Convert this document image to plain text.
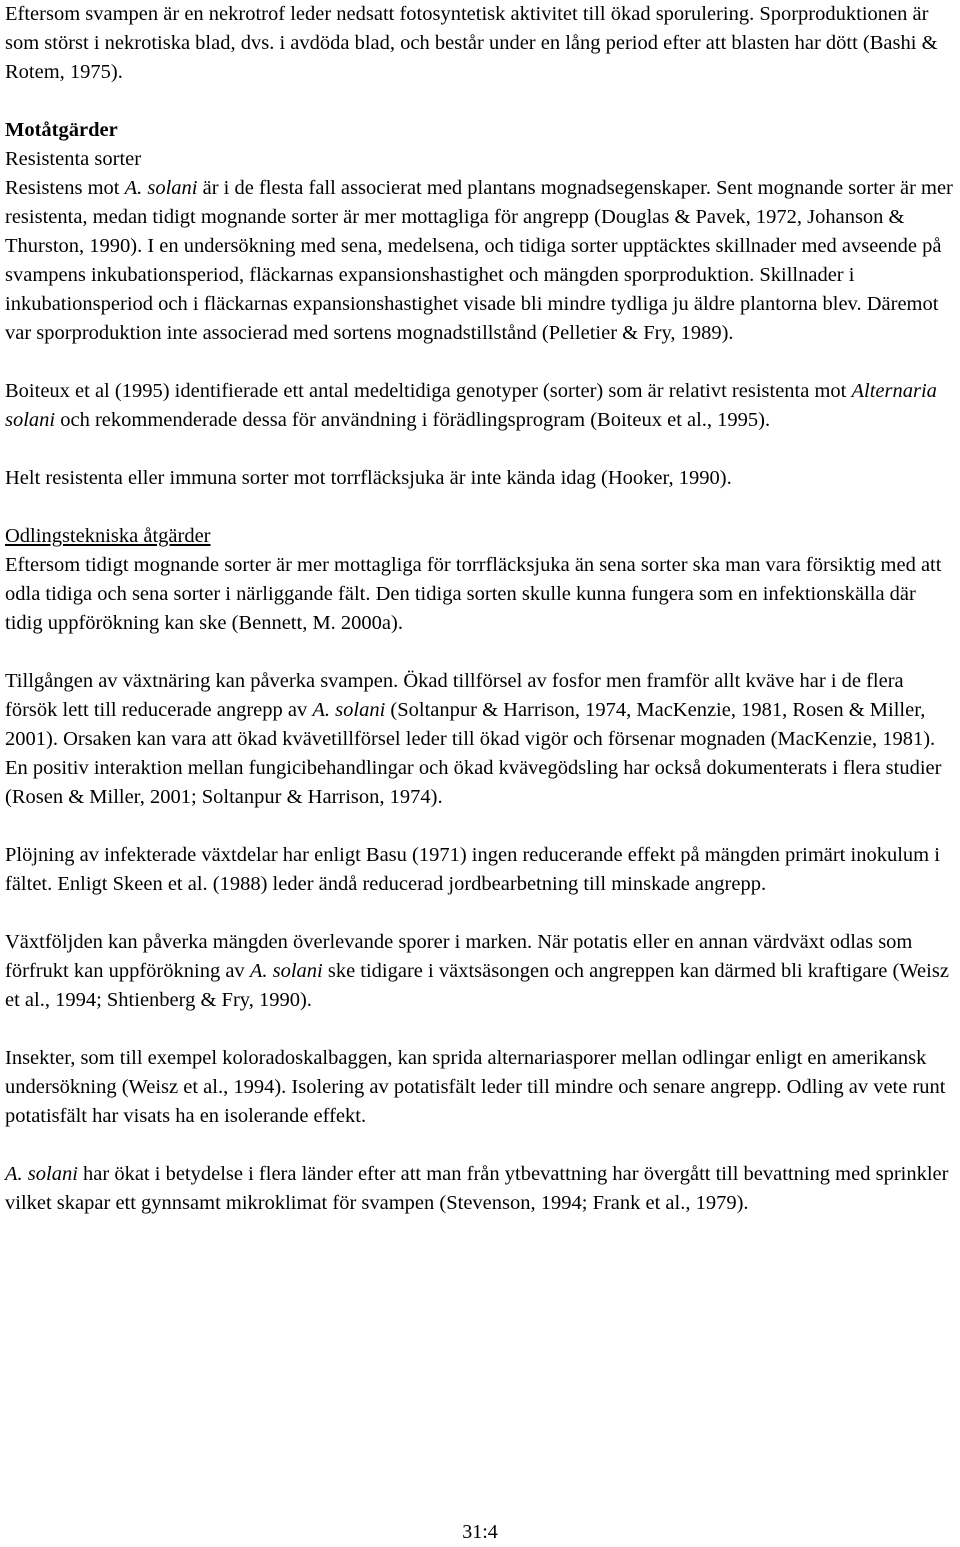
Eftersom svampen är en nekrotrof leder nedsatt fotosyntetisk aktivitet till ökad sporulering. Sporproduktionen är som störst i nekrotiska blad, dvs. i avdöda blad, och består under en lång period efter att blasten har dött (Bashi & Rotem, 1975).

Motåtgärder

Resistenta sorter

Resistens mot A. solani är i de flesta fall associerat med plantans mognadsegenskaper. Sent mognande sorter är mer resistenta, medan tidigt mognande sorter är mer mottagliga för angrepp (Douglas & Pavek, 1972, Johanson & Thurston, 1990). I en undersökning med sena, medelsena, och tidiga sorter upptäcktes skillnader med avseende på svampens inkubationsperiod, fläckarnas expansionshastighet och mängden sporproduktion. Skillnader i inkubationsperiod och i fläckarnas expansionshastighet visade bli mindre tydliga ju äldre plantorna blev. Däremot var sporproduktion inte associerad med sortens mognadstillstånd (Pelletier & Fry, 1989).

Boiteux et al (1995) identifierade ett antal medeltidiga genotyper (sorter) som är relativt resistenta mot Alternaria solani och rekommenderade dessa för användning i förädlingsprogram (Boiteux et al., 1995).

Helt resistenta eller immuna sorter mot torrfläcksjuka är inte kända idag (Hooker, 1990).

Odlingstekniska åtgärder

Eftersom tidigt mognande sorter är mer mottagliga för torrfläcksjuka än sena sorter ska man vara försiktig med att odla tidiga och sena sorter i närliggande fält. Den tidiga sorten skulle kunna fungera som en infektionskälla där tidig uppförökning kan ske (Bennett, M. 2000a).

Tillgången av växtnäring kan påverka svampen. Ökad tillförsel av fosfor men framför allt kväve har i de flera försök lett till reducerade angrepp av A. solani (Soltanpur & Harrison, 1974, MacKenzie, 1981, Rosen & Miller, 2001). Orsaken kan vara att ökad kvävetillförsel leder till ökad vigör och försenar mognaden (MacKenzie, 1981). En positiv interaktion mellan fungicibehandlingar och ökad kvävegödsling har också dokumenterats i flera studier (Rosen & Miller, 2001; Soltanpur & Harrison, 1974).

Plöjning av infekterade växtdelar har enligt Basu (1971) ingen reducerande effekt på mängden primärt inokulum i fältet. Enligt Skeen et al. (1988) leder ändå reducerad jordbearbetning till minskade angrepp.

Växtföljden kan påverka mängden överlevande sporer i marken. När potatis eller en annan värdväxt odlas som förfrukt kan uppförökning av A. solani ske tidigare i växtsäsongen och angreppen kan därmed bli kraftigare (Weisz et al., 1994; Shtienberg & Fry, 1990).

Insekter, som till exempel koloradoskalbaggen, kan sprida alternariasporer mellan odlingar enligt en amerikansk undersökning (Weisz et al., 1994). Isolering av potatisfält leder till mindre och senare angrepp. Odling av vete runt potatisfält har visats ha en isolerande effekt.

A. solani har ökat i betydelse i flera länder efter att man från ytbevattning har övergått till bevattning med sprinkler vilket skapar ett gynnsamt mikroklimat för svampen (Stevenson, 1994; Frank et al., 1979).

31:4
